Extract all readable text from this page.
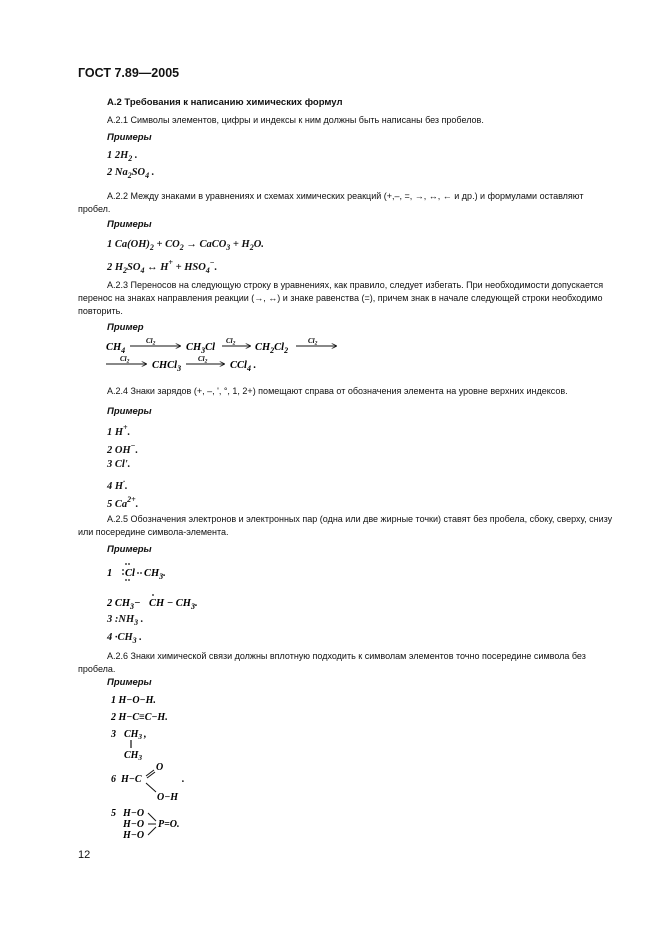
ГОСТ 7.89—2005
А.2 Требования к написанию химических формул
А.2.1 Символы элементов, цифры и индексы к ним должны быть написаны без пробелов.
Примеры
1 $2H_2$ .
2 $Na_2SO_4$ .
А.2.2 Между знаками в уравнениях и схемах химических реакций (+,–, =, →, ↔, ← и др.) и формулами оставляют пробел.
Примеры
1 $Ca(OH)_2 + CO_2$ → CaCO$_3$ + $H_2O$.
2 $H_2SO_4$ ↔ $H^+ + HSO_4^-$.
А.2.3 Переносов на следующую строку в уравнениях, как правило, следует избегать. При необходимости допускается перенос на знаках направления реакции (→, ↔) и знаке равенства (=), причем знак в начале следующей строки необходимо повторить.
Пример
$CH_4$
$Cl_2$	$CH_3Cl$
$Cl_2$ $CH_2Cl_2$
$Cl_2$
$Cl_2$ CHCl$_3$
$Cl_2$ CCl$_4$ .
А.2.4 Знаки зарядов (+, –, ', °, 1, 2+) помещают справа от обозначения элемента на уровне верхних индексов.
Примеры
1 H+.
2 OH−.
3 Cl'.
4 H·.
5 $Ca^{2+}$.
А.2.5 Обозначения электронов и электронных пар (одна или две жирные точки) ставят без пробела, сбоку, сверху, снизу или посередине символа-элемента.
Примеры
1 Cl $CH_3$.
2 $CH_3-$ CH − $CH_3$.
3 $:NH_3$ .
$4 \cdot CH_3$ .
А.2.6 Знаки химической связи должны вплотную подходить к символам элементов точно посередине символа без пробела.
Примеры
1 H−O−H.
2 H−C≡C−H.
3 $CH_3$ ,
$CH_3$
6 H−C
O
O−H
.
5 H−O
H−O
H−O
P=O.
12
